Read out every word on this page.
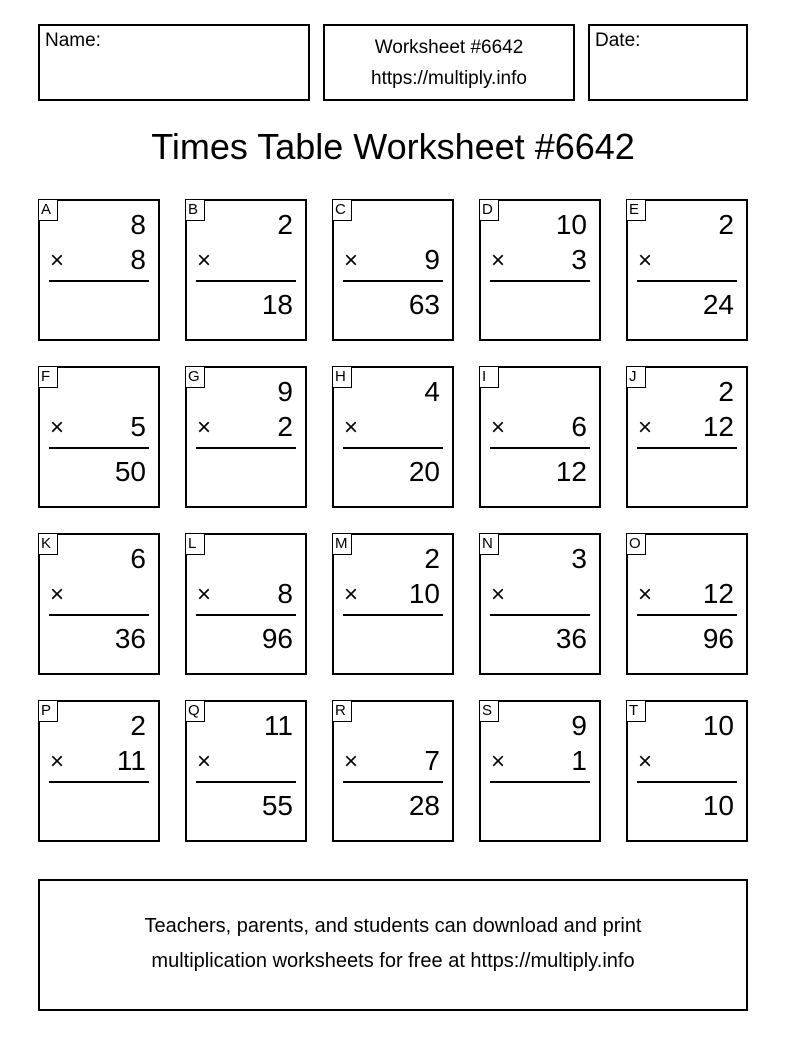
Name:	Worksheet #6642
https://multiply.info
Date:
Times Table Worksheet #6642
A	8
× 8
B	2
×
18
C
× 9
63
D 10
× 3
E	2
×
24
F
× 5
50
G	9
× 2
H	4
×
20
I
× 6
12
J	2
× 12
K	6
×
36
L
× 8
96
M	2
× 10
N	3
×
36
O
× 12
96
P	2
× 11
Q 11
×
55
R
× 7
28
S	9
× 1
T 10
×
10
Teachers, parents, and students can download and print
multiplication worksheets for free at https://multiply.info
